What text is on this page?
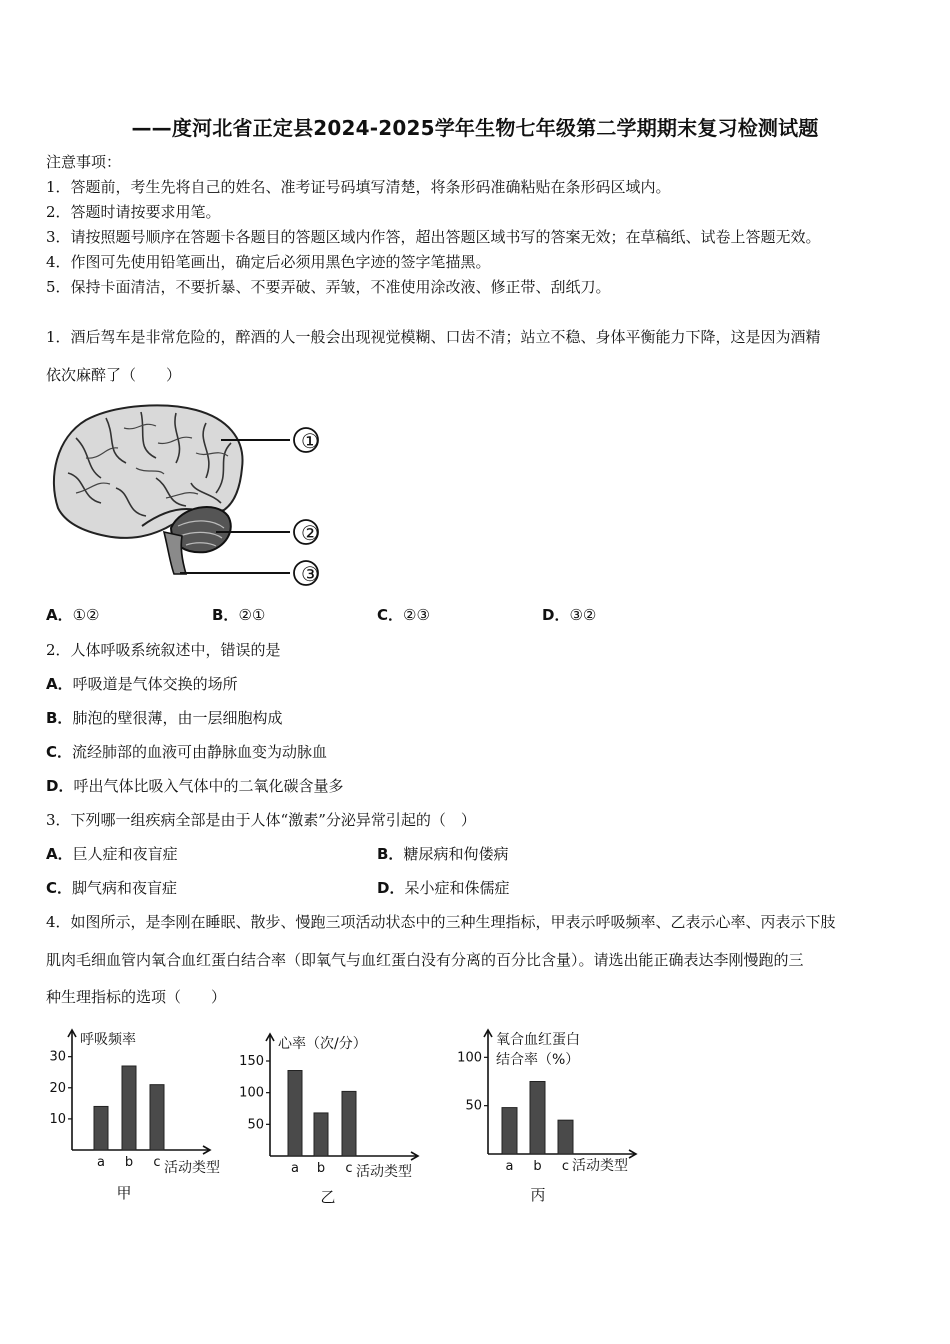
——度河北省正定县2024-2025学年生物七年级第二学期期末复习检测试题
注意事项：
1．答题前，考生先将自己的姓名、准考证号码填写清楚，将条形码准确粘贴在条形码区域内。
2．答题时请按要求用笔。
3．请按照题号顺序在答题卡各题目的答题区域内作答，超出答题区域书写的答案无效；在草稿纸、试卷上答题无效。
4．作图可先使用铅笔画出，确定后必须用黑色字迹的签字笔描黑。
5．保持卡面清洁，不要折暴、不要弄破、弄皱，不准使用涂改液、修正带、刮纸刀。
1．酒后驾车是非常危险的，醉酒的人一般会出现视觉模糊、口齿不清；站立不稳、身体平衡能力下降，这是因为酒精
依次麻醉了（　　）
①
②
③
A．①②	B．②①	C．②③	D．③②
2．人体呼吸系统叙述中，错误的是
A．呼吸道是气体交换的场所
B．肺泡的壁很薄，由一层细胞构成
C．流经肺部的血液可由静脉血变为动脉血
D．呼出气体比吸入气体中的二氧化碳含量多
3．下列哪一组疾病全部是由于人体“激素”分泌异常引起的（　）
A．巨人症和夜盲症	B．糖尿病和佝偻病
C．脚气病和夜盲症	D．呆小症和侏儒症
4．如图所示，是李刚在睡眠、散步、慢跑三项活动状态中的三种生理指标，甲表示呼吸频率、乙表示心率、丙表示下肢
肌肉毛细血管内氧合血红蛋白结合率（即氧气与血红蛋白没有分离的百分比含量）。请选出能正确表达李刚慢跑的三
种生理指标的选项（　　）
10
20
30
a b c 活动类型
呼吸频率
甲
50
100
150
a b c 活动类型
心率（次/分）
乙
50
100
a b c 活动类型
氧合血红蛋白
结合率（%）
丙
